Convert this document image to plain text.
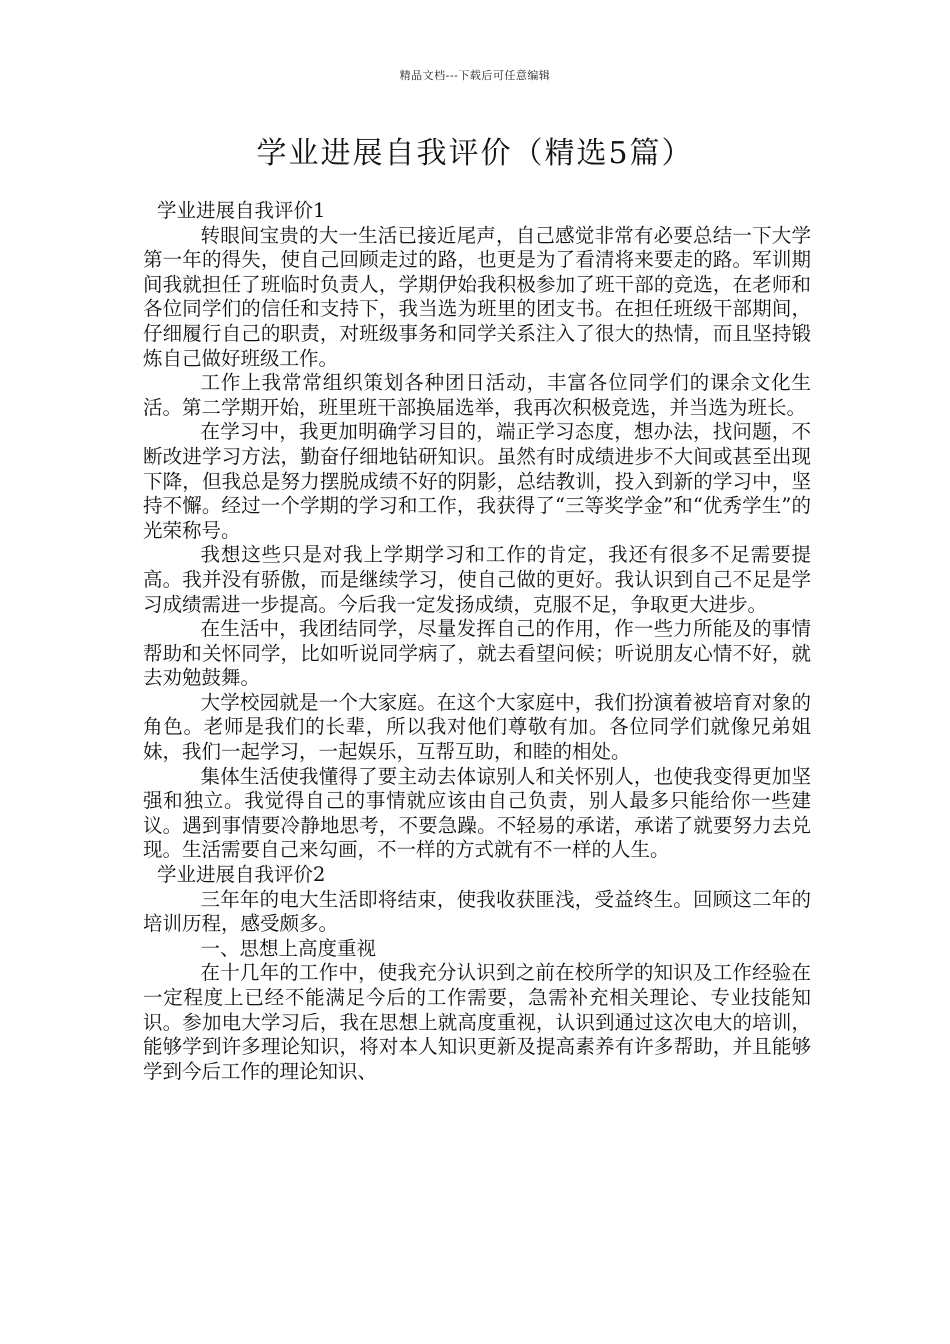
精品文档---下载后可任意编辑
学业进展自我评价（精选5篇）
学业进展自我评价1

转眼间宝贵的大一生活已接近尾声，自己感觉非常有必要总结一下大学第一年的得失，使自己回顾走过的路，也更是为了看清将来要走的路。军训期间我就担任了班临时负责人，学期伊始我积极参加了班干部的竞选，在老师和各位同学们的信任和支持下，我当选为班里的团支书。在担任班级干部期间，仔细履行自己的职责，对班级事务和同学关系注入了很大的热情，而且坚持锻炼自己做好班级工作。

工作上我常常组织策划各种团日活动，丰富各位同学们的课余文化生活。第二学期开始，班里班干部换届选举，我再次积极竞选，并当选为班长。

在学习中，我更加明确学习目的，端正学习态度，想办法，找问题，不断改进学习方法，勤奋仔细地钻研知识。虽然有时成绩进步不大间或甚至出现下降，但我总是努力摆脱成绩不好的阴影，总结教训，投入到新的学习中，坚持不懈。经过一个学期的学习和工作，我获得了“三等奖学金”和“优秀学生”的光荣称号。

我想这些只是对我上学期学习和工作的肯定，我还有很多不足需要提高。我并没有骄傲，而是继续学习，使自己做的更好。我认识到自己不足是学习成绩需进一步提高。今后我一定发扬成绩，克服不足，争取更大进步。

在生活中，我团结同学，尽量发挥自己的作用，作一些力所能及的事情帮助和关怀同学，比如听说同学病了，就去看望问候；听说朋友心情不好，就去劝勉鼓舞。

大学校园就是一个大家庭。在这个大家庭中，我们扮演着被培育对象的角色。老师是我们的长辈，所以我对他们尊敬有加。各位同学们就像兄弟姐妹，我们一起学习，一起娱乐，互帮互助，和睦的相处。

集体生活使我懂得了要主动去体谅别人和关怀别人，也使我变得更加坚强和独立。我觉得自己的事情就应该由自己负责，别人最多只能给你一些建议。遇到事情要冷静地思考，不要急躁。不轻易的承诺，承诺了就要努力去兑现。生活需要自己来勾画，不一样的方式就有不一样的人生。

学业进展自我评价2

三年年的电大生活即将结束，使我收获匪浅，受益终生。回顾这二年的培训历程，感受颇多。

一、思想上高度重视

在十几年的工作中，使我充分认识到之前在校所学的知识及工作经验在一定程度上已经不能满足今后的工作需要，急需补充相关理论、专业技能知识。参加电大学习后，我在思想上就高度重视，认识到通过这次电大的培训，能够学到许多理论知识，将对本人知识更新及提高素养有许多帮助，并且能够学到今后工作的理论知识、
